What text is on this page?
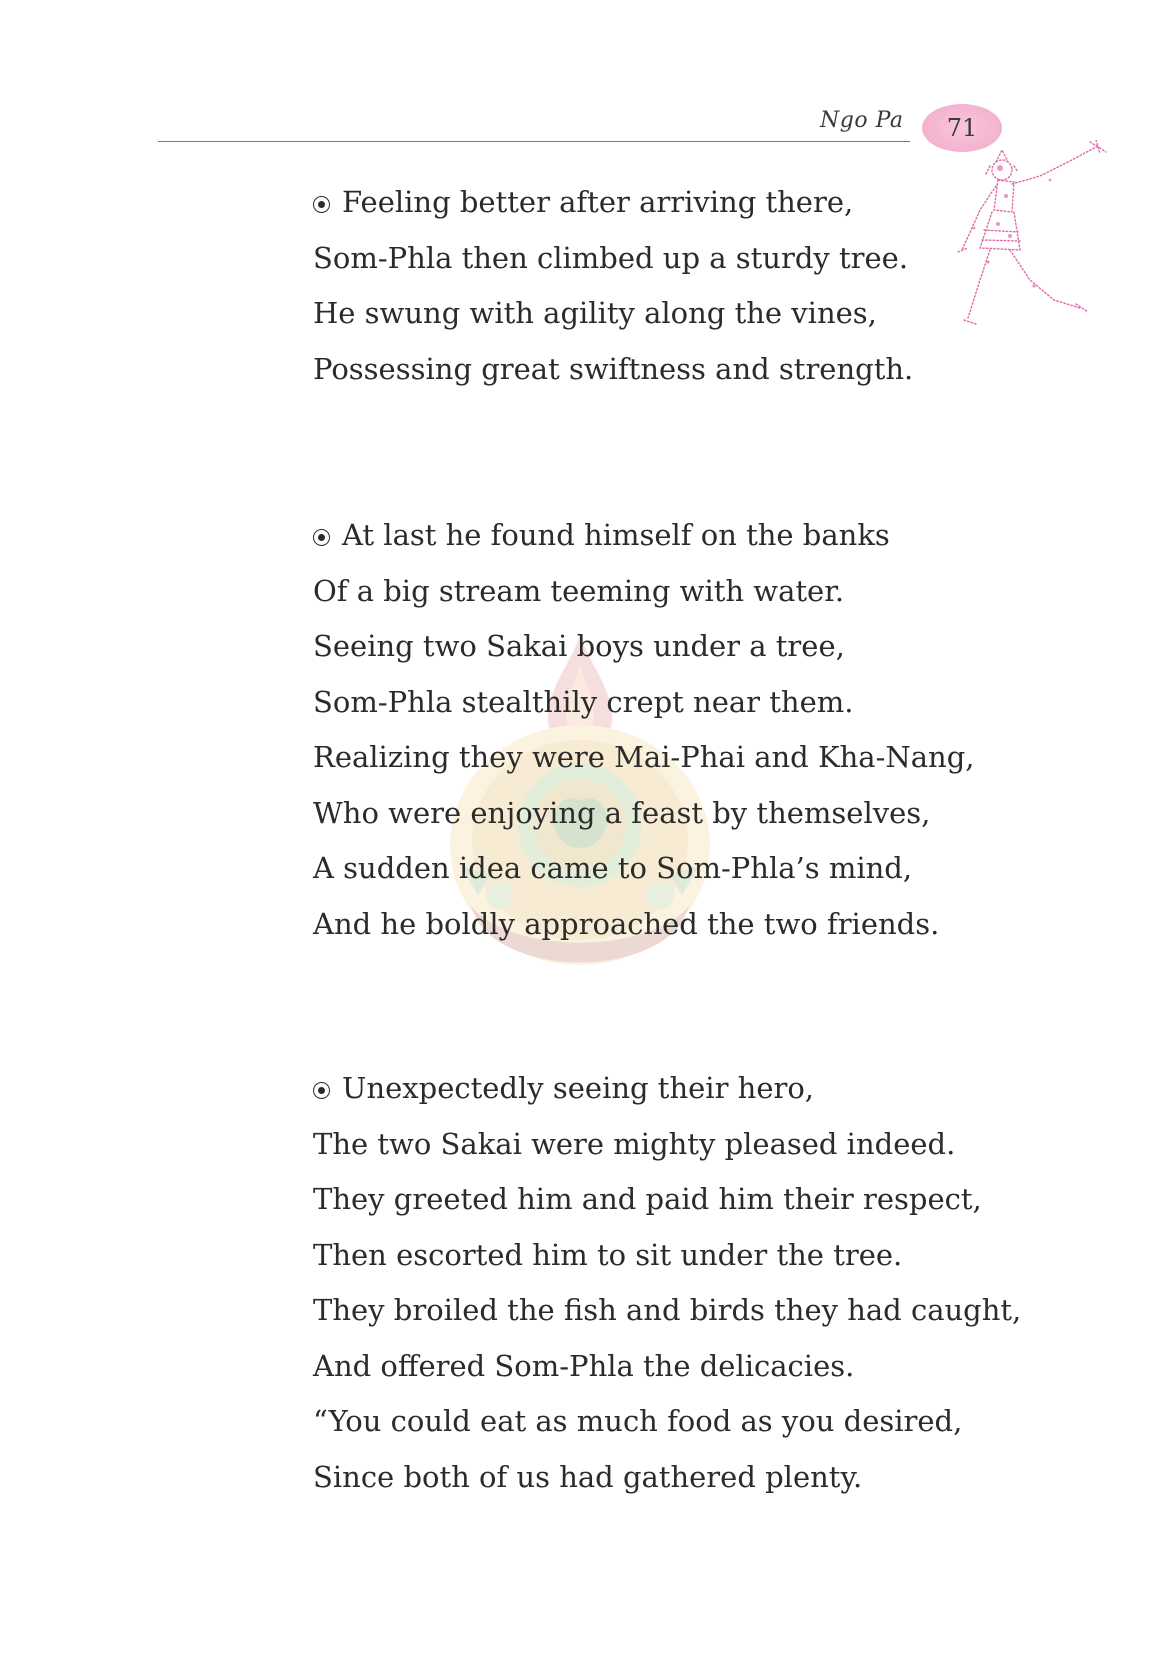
Ngo Pa 71
Feeling better after arriving there,
Som-Phla then climbed up a sturdy tree.
He swung with agility along the vines,
Possessing great swiftness and strength.
At last he found himself on the banks
Of a big stream teeming with water.
Seeing two Sakai boys under a tree,
Som-Phla stealthily crept near them.
Realizing they were Mai-Phai and Kha-Nang,
Who were enjoying a feast by themselves,
A sudden idea came to Som-Phla’s mind,
And he boldly approached the two friends.
Unexpectedly seeing their hero,
The two Sakai were mighty pleased indeed.
They greeted him and paid him their respect,
Then escorted him to sit under the tree.
They broiled the fish and birds they had caught,
And offered Som-Phla the delicacies.
“You could eat as much food as you desired,
Since both of us had gathered plenty.
